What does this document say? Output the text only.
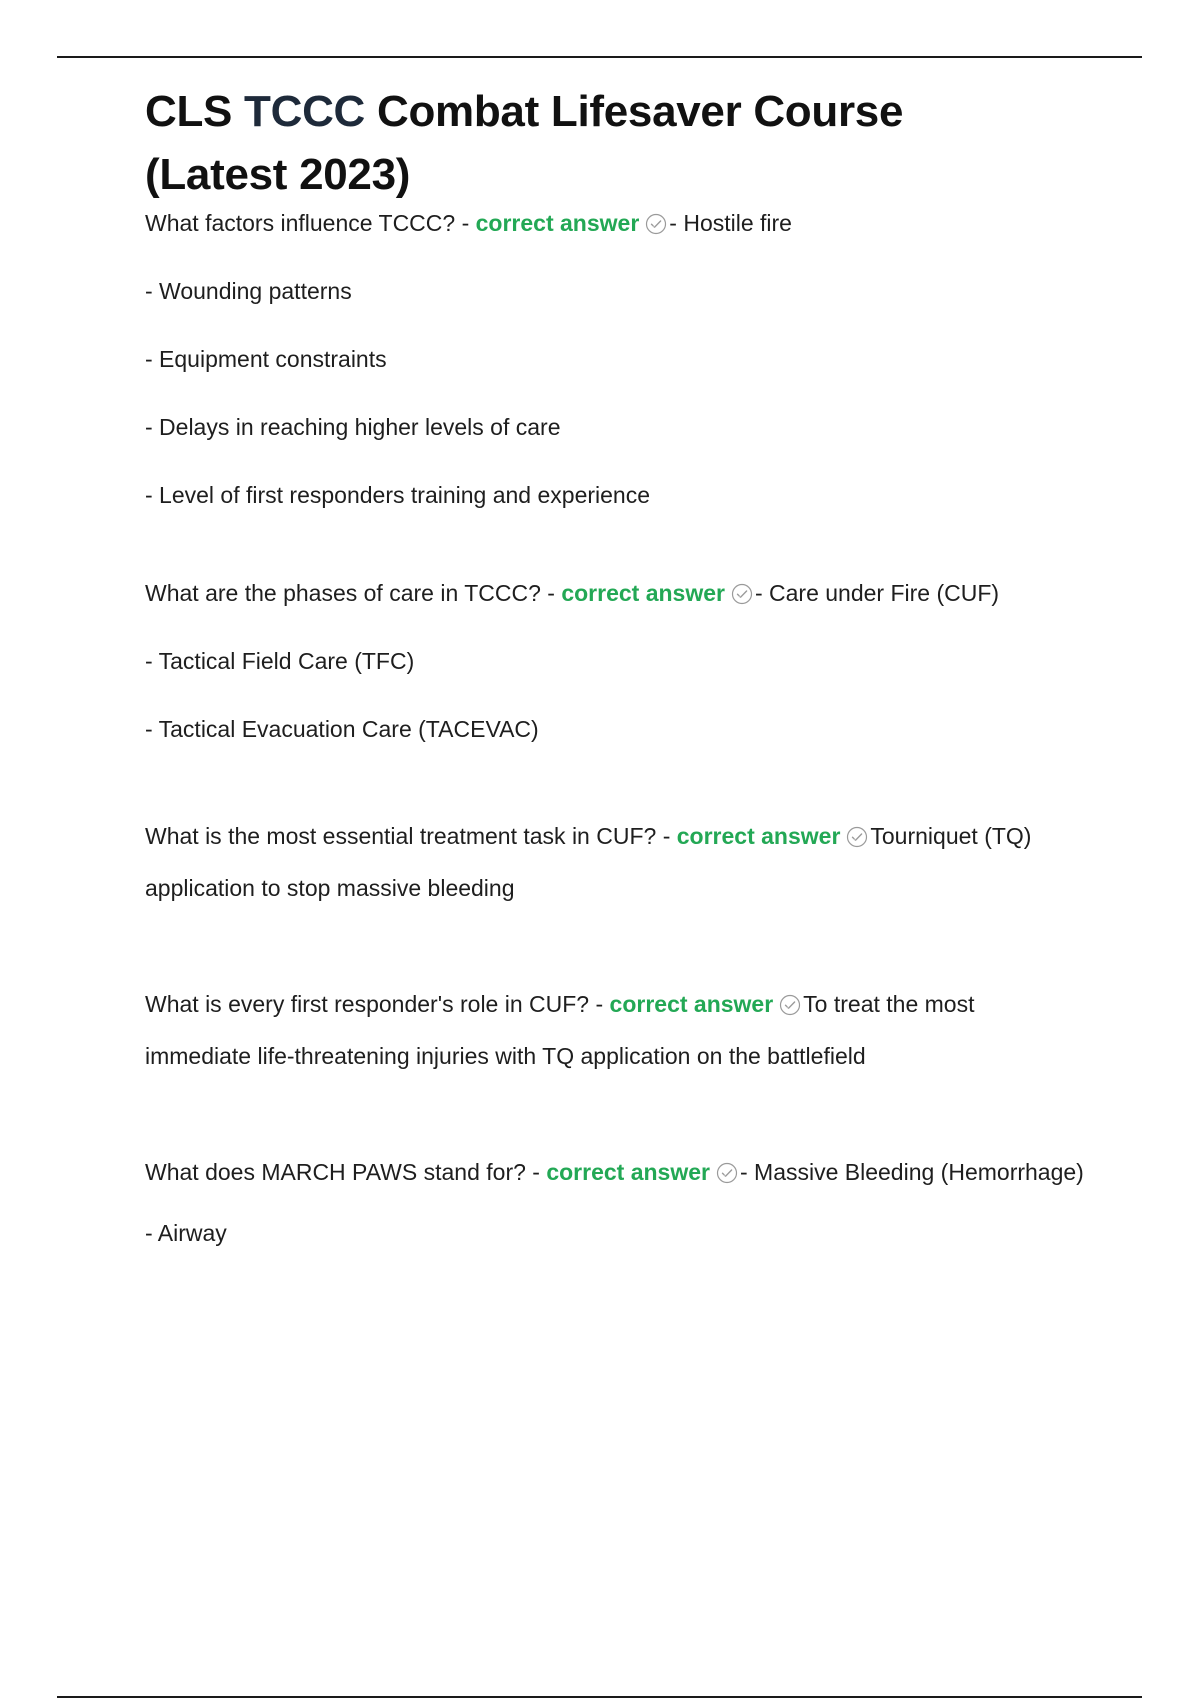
CLS TCCC Combat Lifesaver Course
(Latest 2023)

What factors influence TCCC? - correct answer - Hostile fire

- Wounding patterns

- Equipment constraints

- Delays in reaching higher levels of care

- Level of first responders training and experience

What are the phases of care in TCCC? - correct answer - Care under Fire (CUF)

- Tactical Field Care (TFC)

- Tactical Evacuation Care (TACEVAC)

What is the most essential treatment task in CUF? - correct answer Tourniquet (TQ) application to stop massive bleeding

What is every first responder's role in CUF? - correct answer To treat the most immediate life-threatening injuries with TQ application on the battlefield

What does MARCH PAWS stand for? - correct answer - Massive Bleeding (Hemorrhage)

- Airway
